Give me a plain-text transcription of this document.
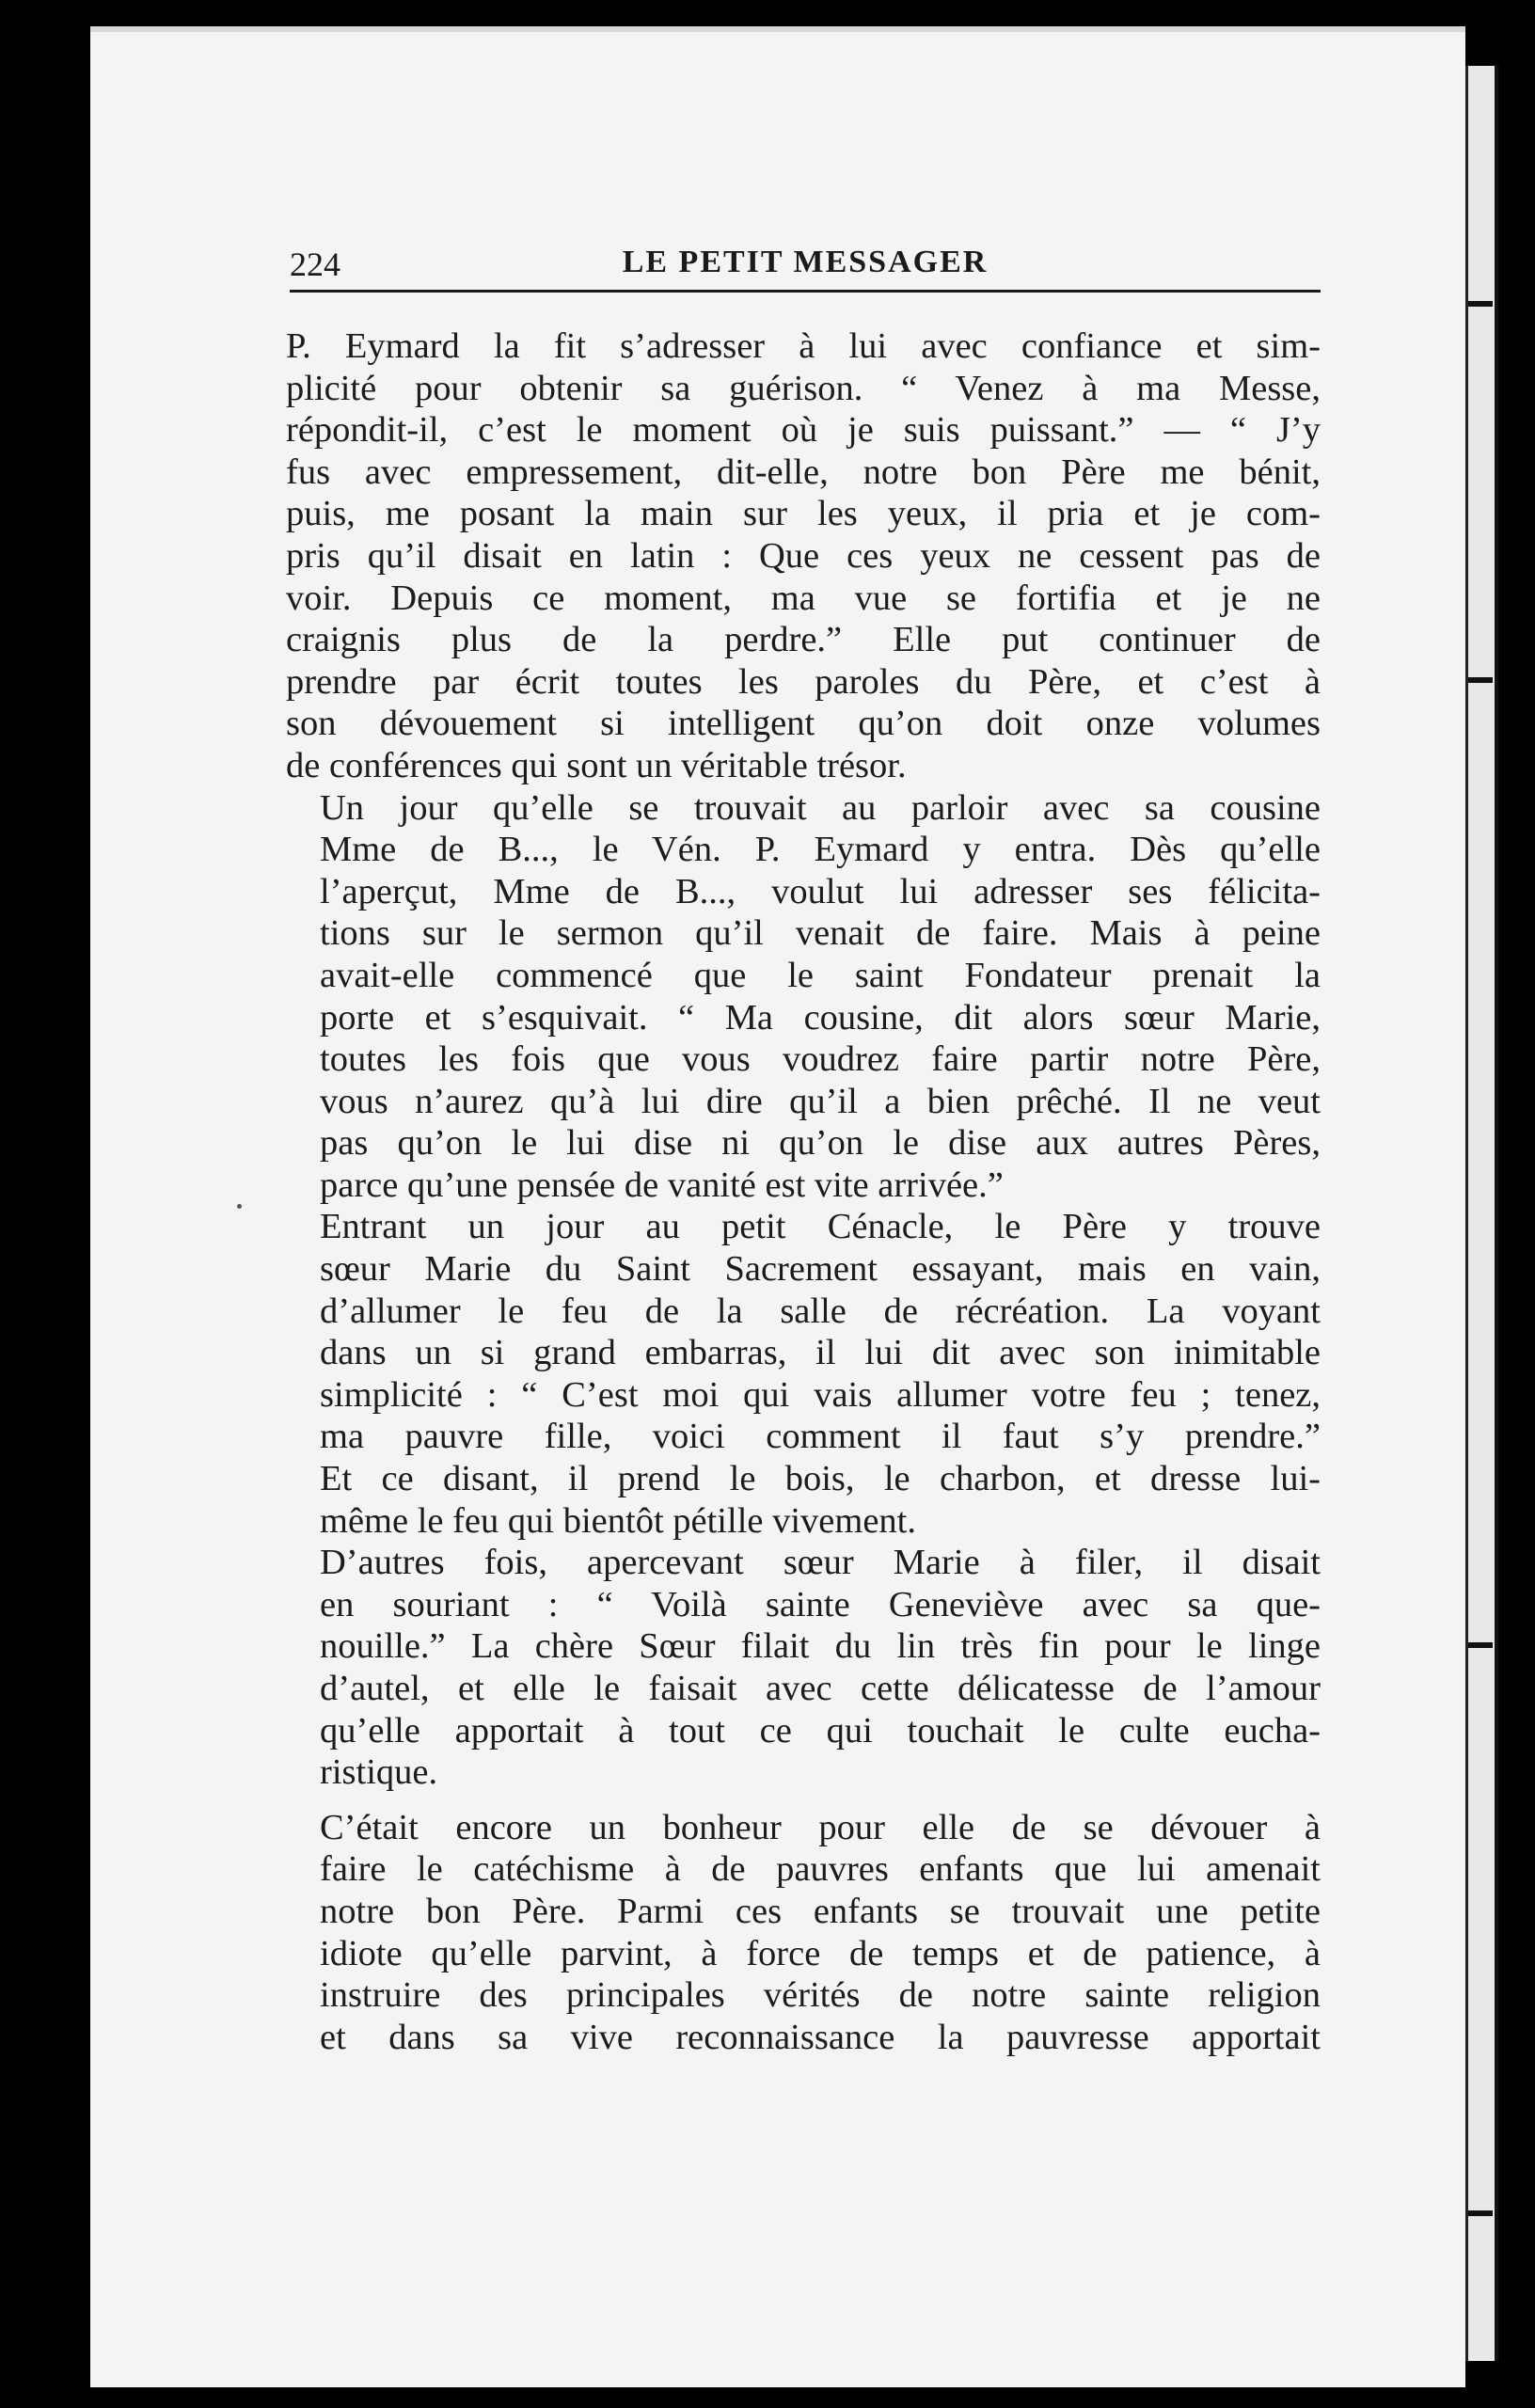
224	LE PETIT MESSAGER
P. Eymard la fit s’adresser à lui avec confiance et sim-
plicité pour obtenir sa guérison. “ Venez à ma Messe,
répondit-il, c’est le moment où je suis puissant.” — “ J’y
fus avec empressement, dit-elle, notre bon Père me bénit,
puis, me posant la main sur les yeux, il pria et je com-
pris qu’il disait en latin : Que ces yeux ne cessent pas de
voir. Depuis ce moment, ma vue se fortifia et je ne
craignis plus de la perdre.” Elle put continuer de
prendre par écrit toutes les paroles du Père, et c’est à
son dévouement si intelligent qu’on doit onze volumes
de conférences qui sont un véritable trésor.
Un jour qu’elle se trouvait au parloir avec sa cousine
Mme de B..., le Vén. P. Eymard y entra. Dès qu’elle
l’aperçut, Mme de B..., voulut lui adresser ses félicita-
tions sur le sermon qu’il venait de faire. Mais à peine
avait-elle commencé que le saint Fondateur prenait la
porte et s’esquivait. “ Ma cousine, dit alors sœur Marie,
toutes les fois que vous voudrez faire partir notre Père,
vous n’aurez qu’à lui dire qu’il a bien prêché. Il ne veut
pas qu’on le lui dise ni qu’on le dise aux autres Pères,
parce qu’une pensée de vanité est vite arrivée.”
Entrant un jour au petit Cénacle, le Père y trouve
sœur Marie du Saint Sacrement essayant, mais en vain,
d’allumer le feu de la salle de récréation. La voyant
dans un si grand embarras, il lui dit avec son inimitable
simplicité : “ C’est moi qui vais allumer votre feu ; tenez,
ma pauvre fille, voici comment il faut s’y prendre.”
Et ce disant, il prend le bois, le charbon, et dresse lui-
même le feu qui bientôt pétille vivement.
D’autres fois, apercevant sœur Marie à filer, il disait
en souriant : “ Voilà sainte Geneviève avec sa que-
nouille.” La chère Sœur filait du lin très fin pour le linge
d’autel, et elle le faisait avec cette délicatesse de l’amour
qu’elle apportait à tout ce qui touchait le culte eucha-
ristique.
C’était encore un bonheur pour elle de se dévouer à
faire le catéchisme à de pauvres enfants que lui amenait
notre bon Père. Parmi ces enfants se trouvait une petite
idiote qu’elle parvint, à force de temps et de patience, à
instruire des principales vérités de notre sainte religion
et dans sa vive reconnaissance la pauvresse apportait
